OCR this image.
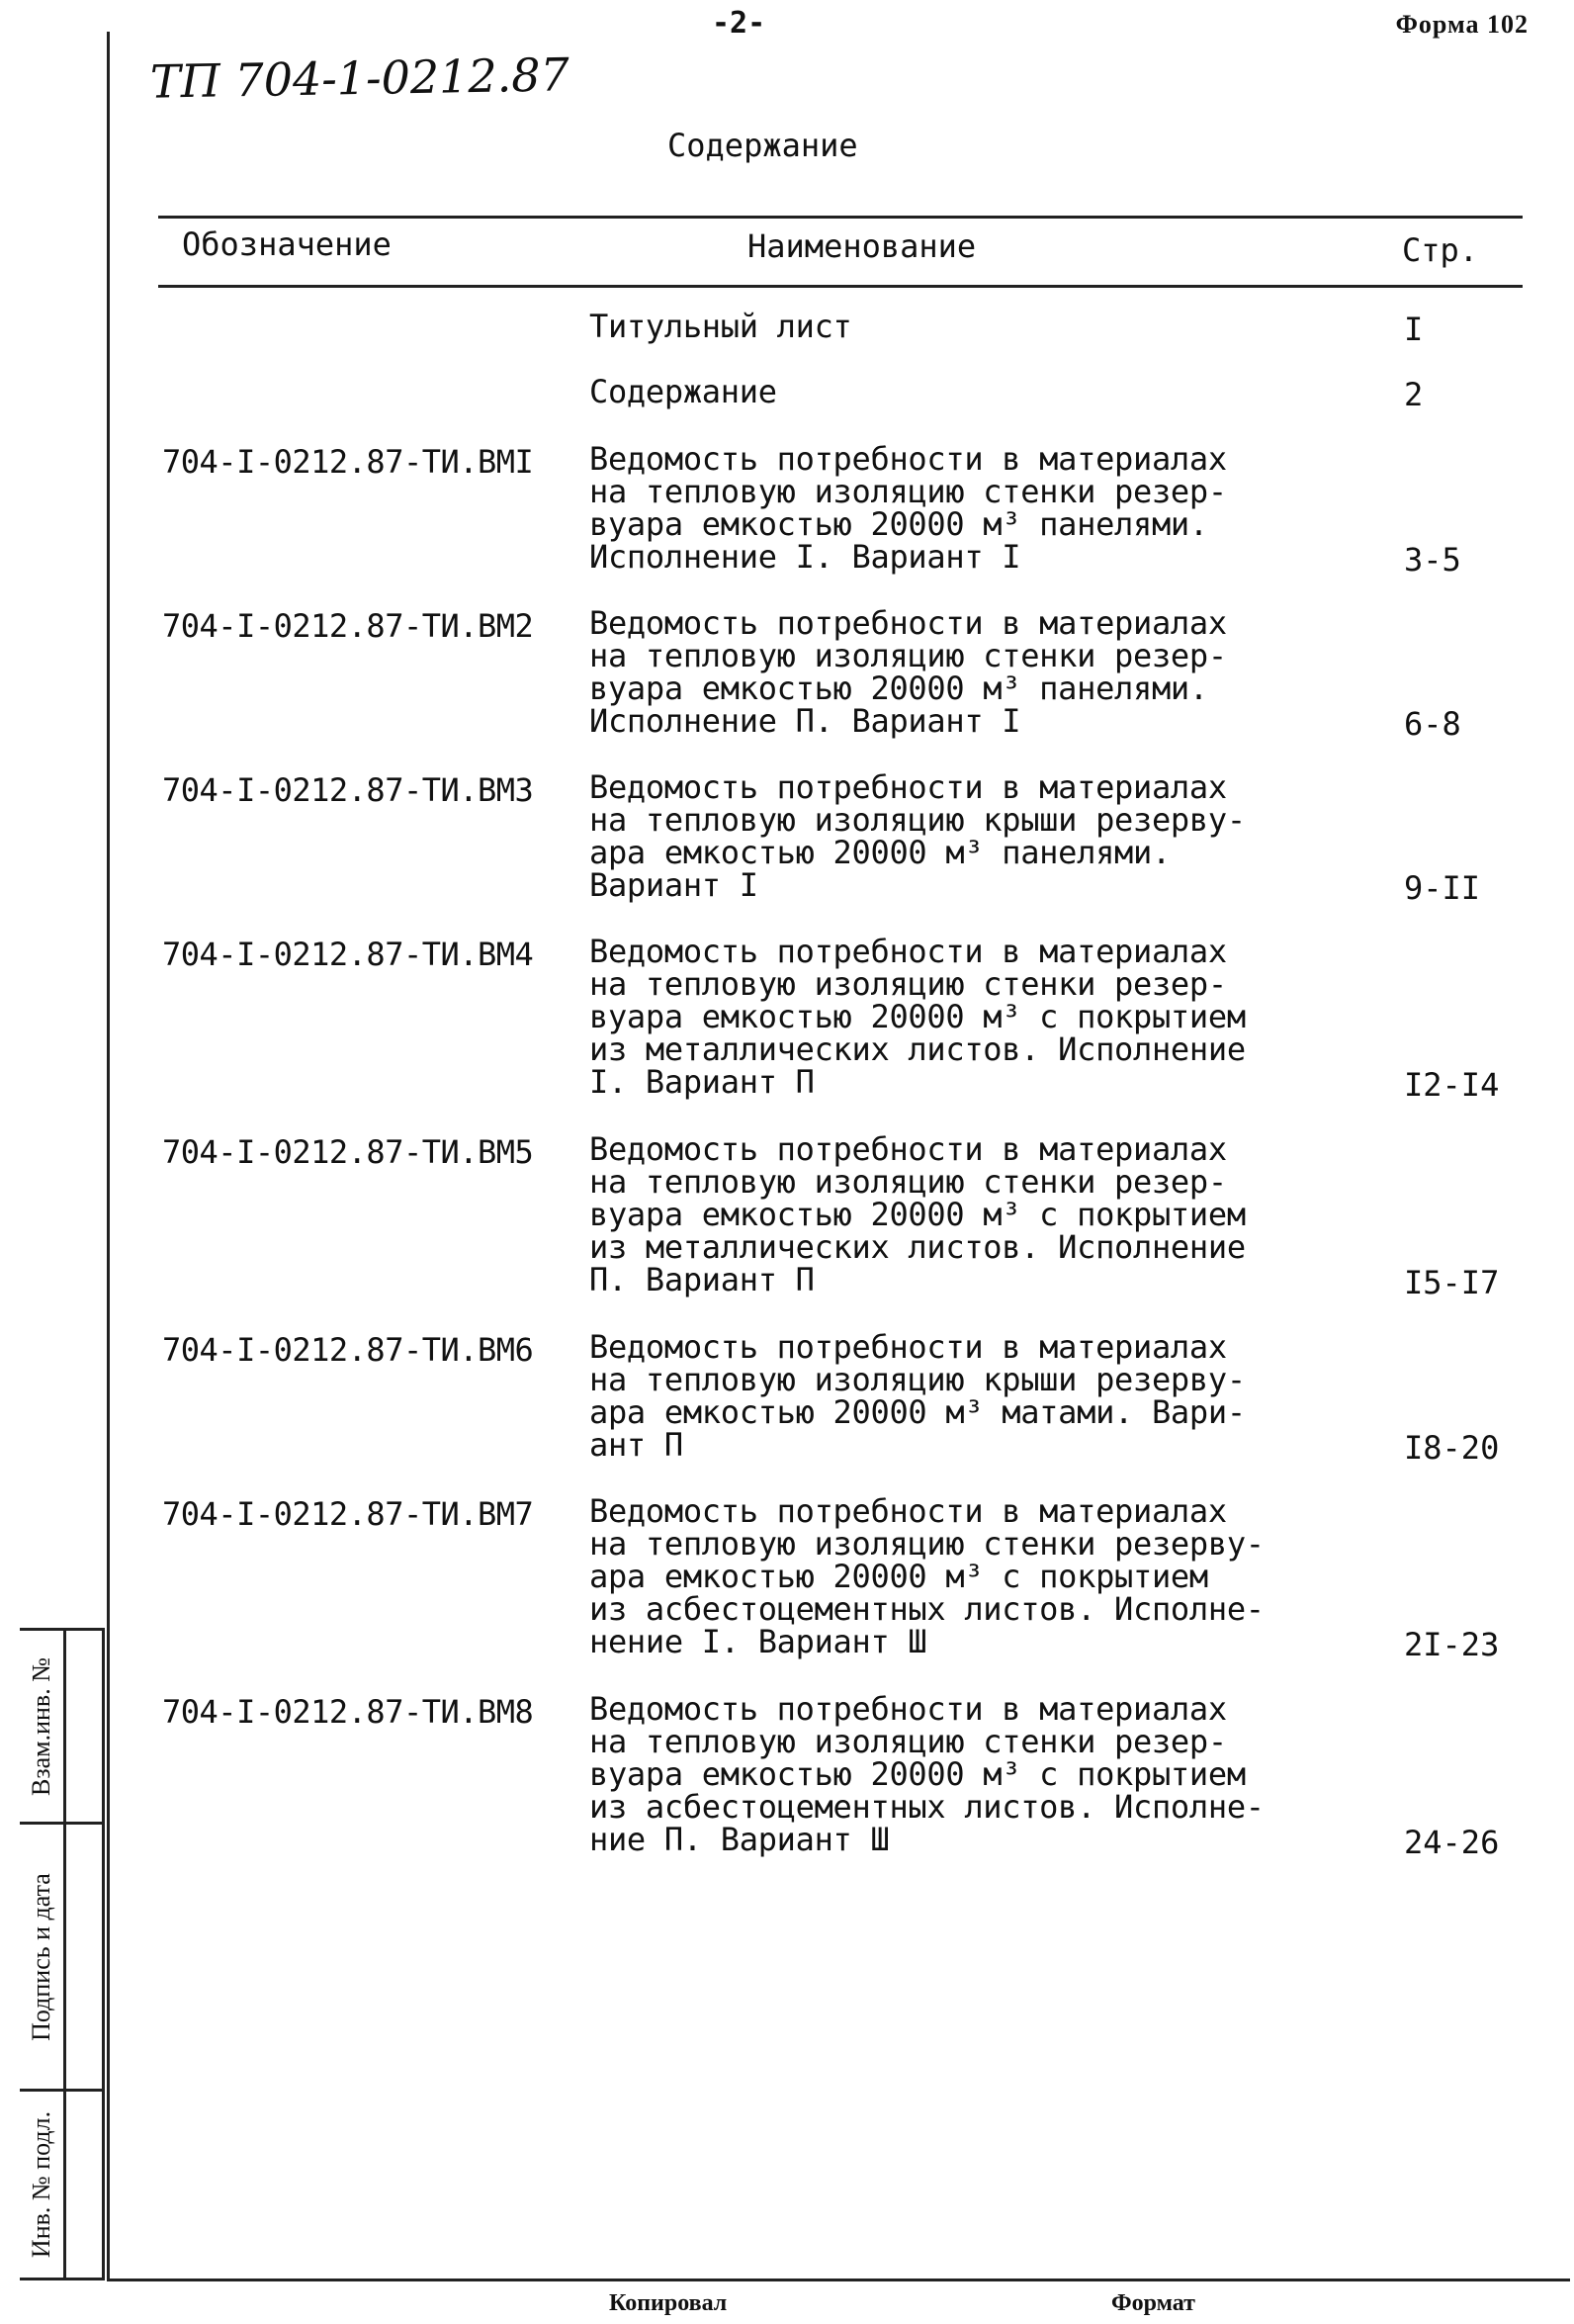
-2-	Форма 102
ТП 704-1-0212.87
Содержание
Обозначение	Наименование	Стр.
Титульный лист	I
Содержание	2
704-I-0212.87-ТИ.ВМI Ведомость потребности в материалах
на тепловую изоляцию стенки резер-
вуара емкостью 20000 м³ панелями.
Исполнение I. Вариант I	3-5
704-I-0212.87-ТИ.ВМ2 Ведомость потребности в материалах
на тепловую изоляцию стенки резер-
вуара емкостью 20000 м³ панелями.
Исполнение П. Вариант I	6-8
704-I-0212.87-ТИ.ВМ3 Ведомость потребности в материалах
на тепловую изоляцию крыши резерву-
ара емкостью 20000 м³ панелями.
Вариант I	9-II
704-I-0212.87-ТИ.ВМ4 Ведомость потребности в материалах
на тепловую изоляцию стенки резер-
вуара емкостью 20000 м³ с покрытием
из металлических листов. Исполнение
I. Вариант П	I2-I4
704-I-0212.87-ТИ.ВМ5 Ведомость потребности в материалах
на тепловую изоляцию стенки резер-
вуара емкостью 20000 м³ с покрытием
из металлических листов. Исполнение
П. Вариант П	I5-I7
704-I-0212.87-ТИ.ВМ6 Ведомость потребности в материалах
на тепловую изоляцию крыши резерву-
ара емкостью 20000 м³ матами. Вари-
ант П	I8-20
704-I-0212.87-ТИ.ВМ7 Ведомость потребности в материалах
на тепловую изоляцию стенки резерву-
ара емкостью 20000 м³ с покрытием
из асбестоцементных листов. Исполне-
нение I. Вариант Ш	2I-23
704-I-0212.87-ТИ.ВМ8 Ведомость потребности в материалах
на тепловую изоляцию стенки резер-
вуара емкостью 20000 м³ с покрытием
из асбестоцементных листов. Исполне-
ние П. Вариант Ш	24-26
Взам.инв. №
Подпись и дата
Инв. № подл.
Копировал	Формат
